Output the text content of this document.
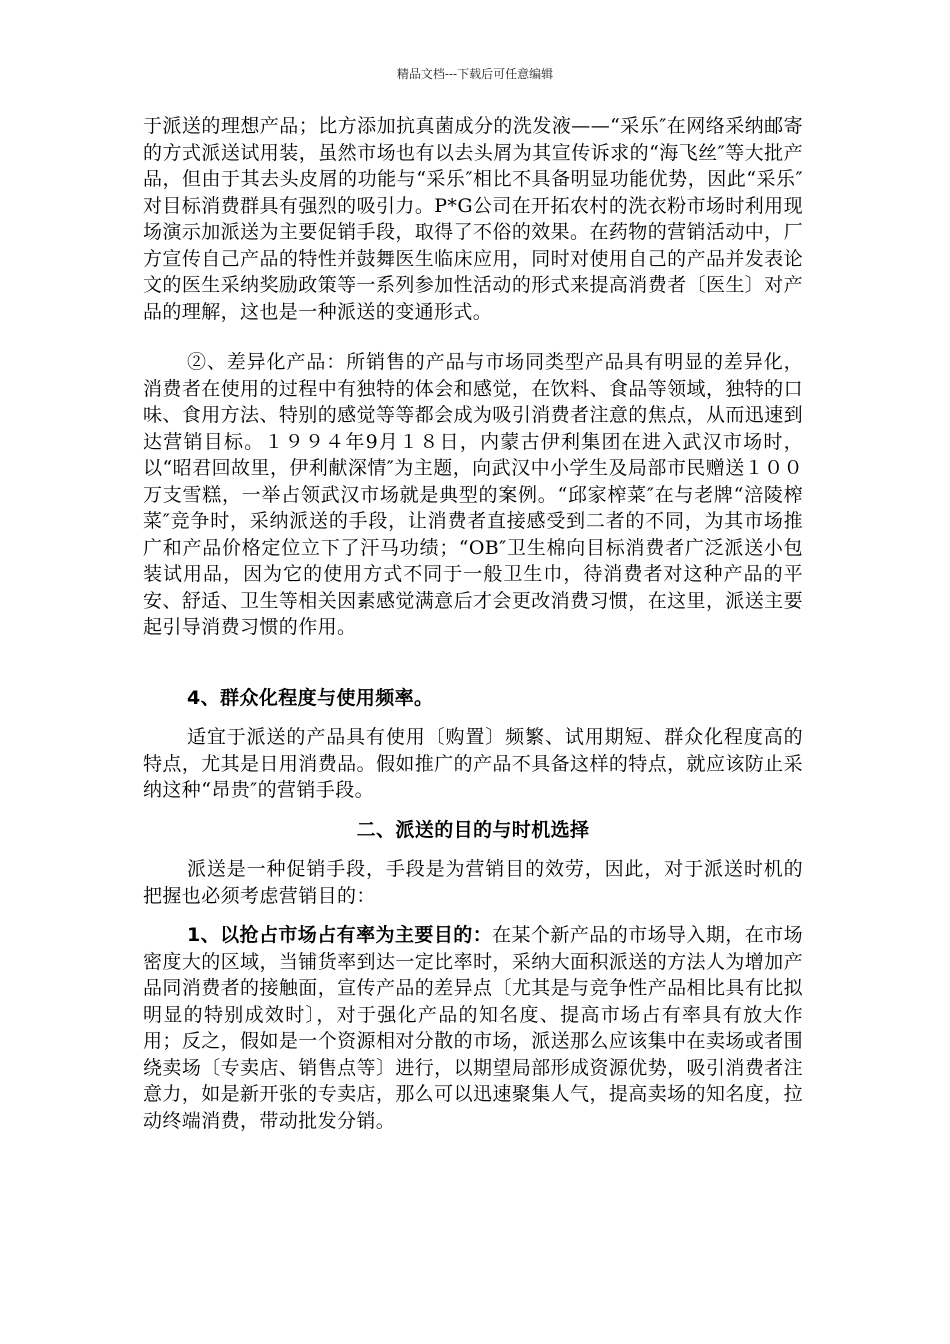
精品文档---下载后可任意编辑

于派送的理想产品；比方添加抗真菌成分的洗发液——“采乐″在网络采纳邮寄的方式派送试用装，虽然市场也有以去头屑为其宣传诉求的“海飞丝″等大批产品，但由于其去头皮屑的功能与“采乐″相比不具备明显功能优势，因此“采乐″对目标消费群具有强烈的吸引力。P*G公司在开拓农村的洗衣粉市场时利用现场演示加派送为主要促销手段，取得了不俗的效果。在药物的营销活动中，厂方宣传自己产品的特性并鼓舞医生临床应用，同时对使用自己的产品并发表论文的医生采纳奖励政策等一系列参加性活动的形式来提高消费者〔医生〕对产品的理解，这也是一种派送的变通形式。

②、差异化产品：所销售的产品与市场同类型产品具有明显的差异化，消费者在使用的过程中有独特的体会和感觉，在饮料、食品等领域，独特的口味、食用方法、特别的感觉等等都会成为吸引消费者注意的焦点，从而迅速到达营销目标。１９９４年9月１８日，内蒙古伊利集团在进入武汉市场时，以“昭君回故里，伊利献深情″为主题，向武汉中小学生及局部市民赠送１００万支雪糕，一举占领武汉市场就是典型的案例。“邱家榨菜″在与老牌“涪陵榨菜″竞争时，采纳派送的手段，让消费者直接感受到二者的不同，为其市场推广和产品价格定位立下了汗马功绩；“OB″卫生棉向目标消费者广泛派送小包装试用品，因为它的使用方式不同于一般卫生巾，待消费者对这种产品的平安、舒适、卫生等相关因素感觉满意后才会更改消费习惯，在这里，派送主要起引导消费习惯的作用。

4、群众化程度与使用频率。

适宜于派送的产品具有使用〔购置〕频繁、试用期短、群众化程度高的特点，尤其是日用消费品。假如推广的产品不具备这样的特点，就应该防止采纳这种“昂贵″的营销手段。

二、派送的目的与时机选择

派送是一种促销手段，手段是为营销目的效劳，因此，对于派送时机的把握也必须考虑营销目的：

1、以抢占市场占有率为主要目的：在某个新产品的市场导入期，在市场密度大的区域，当铺货率到达一定比率时，采纳大面积派送的方法人为增加产品同消费者的接触面，宣传产品的差异点〔尤其是与竞争性产品相比具有比拟明显的特别成效时〕，对于强化产品的知名度、提高市场占有率具有放大作用；反之，假如是一个资源相对分散的市场，派送那么应该集中在卖场或者围绕卖场〔专卖店、销售点等〕进行，以期望局部形成资源优势，吸引消费者注意力，如是新开张的专卖店，那么可以迅速聚集人气，提高卖场的知名度，拉动终端消费，带动批发分销。
